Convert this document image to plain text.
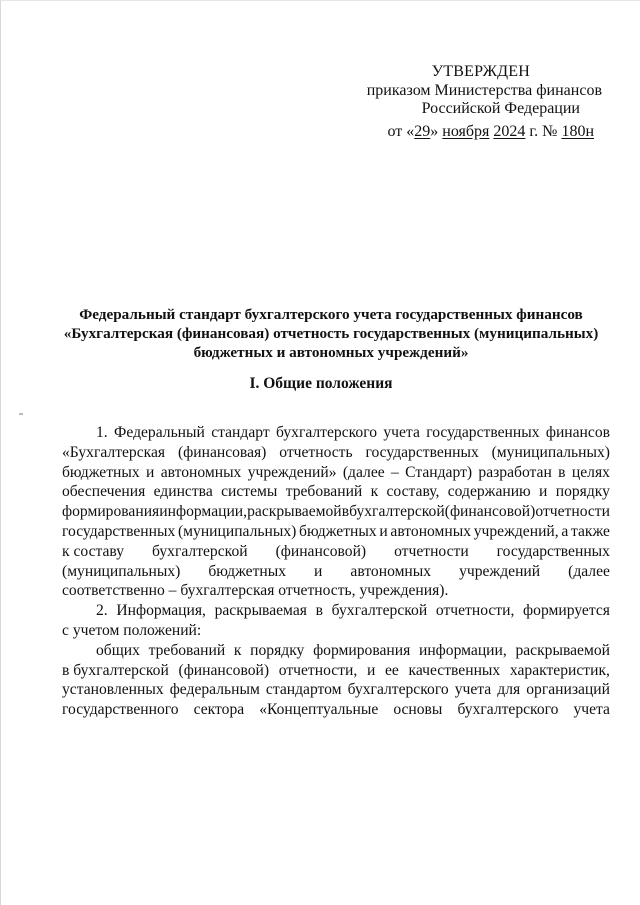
УТВЕРЖДЕН
приказом Министерства финансов
Российской Федерации
от «29» ноября 2024 г. № 180н
Федеральный стандарт бухгалтерского учета государственных финансов
«Бухгалтерская (финансовая) отчетность государственных (муниципальных)
бюджетных и автономных учреждений»
I. Общие положения
1. Федеральный стандарт бухгалтерского учета государственных финансов
«Бухгалтерская (финансовая) отчетность государственных (муниципальных)
бюджетных и автономных учреждений» (далее – Стандарт) разработан в целях
обеспечения единства системы требований к составу, содержанию и порядку
формирования информации, раскрываемой в бухгалтерской (финансовой) отчетности
государственных (муниципальных) бюджетных и автономных учреждений, а также
к составу бухгалтерской (финансовой) отчетности государственных
(муниципальных) бюджетных и автономных учреждений (далее
соответственно – бухгалтерская отчетность, учреждения).
2. Информация, раскрываемая в бухгалтерской отчетности, формируется
с учетом положений:
общих требований к порядку формирования информации, раскрываемой
в бухгалтерской (финансовой) отчетности, и ее качественных характеристик,
установленных федеральным стандартом бухгалтерского учета для организаций
государственного сектора «Концептуальные основы бухгалтерского учета
